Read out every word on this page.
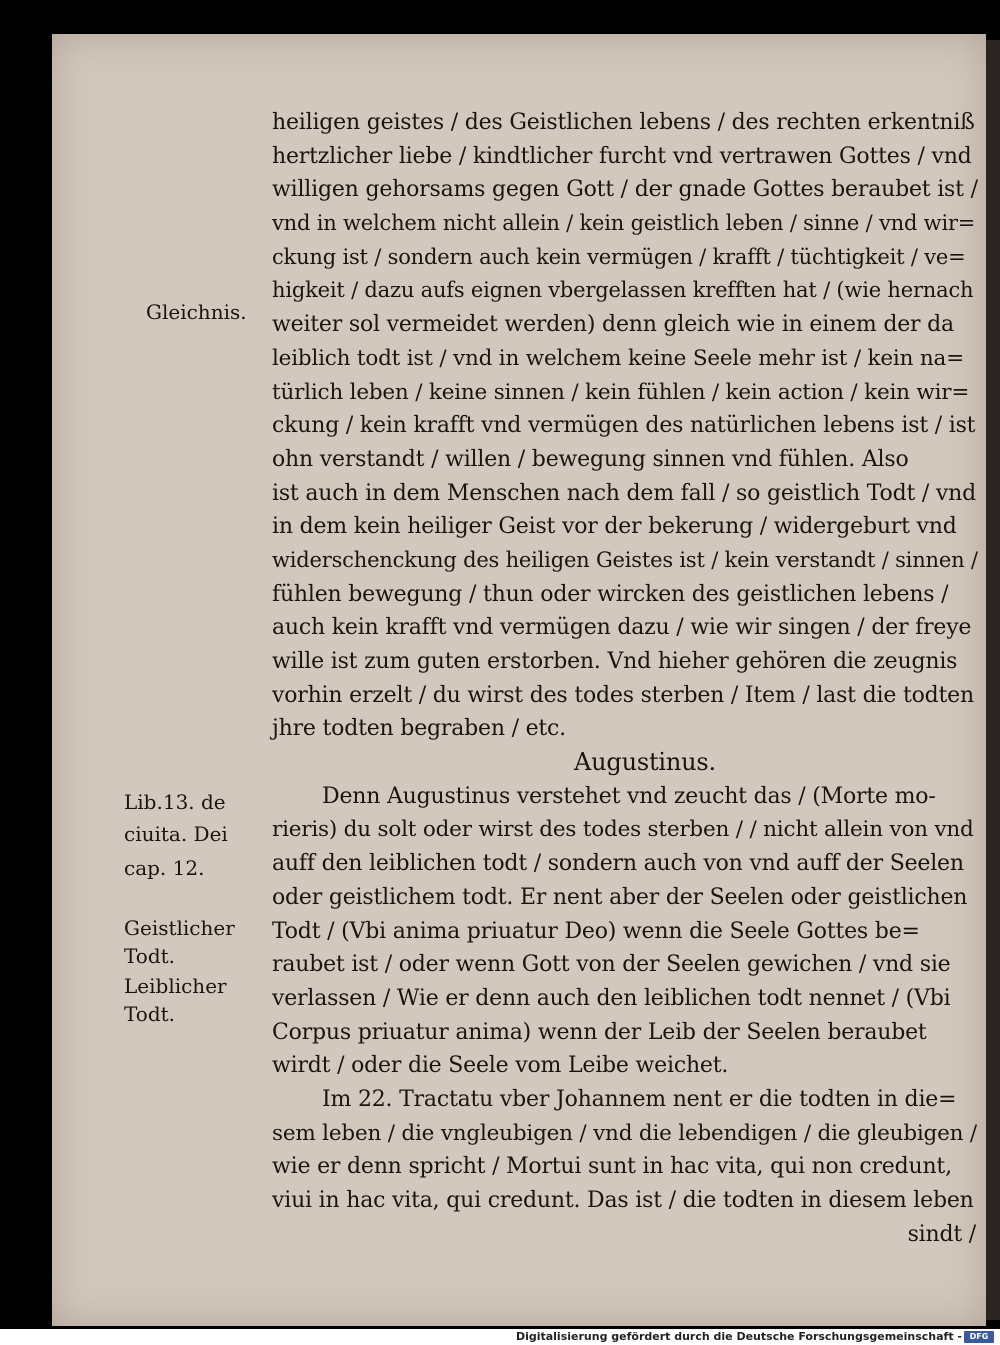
Gleichnis.
Lib.13. de
ciuita. Dei
cap. 12.
Geistlicher
Todt.
Leiblicher
Todt.
heiligen geistes / des Geistlichen lebens / des rechten erkentniß
hertzlicher liebe / kindtlicher furcht vnd vertrawen Gottes / vnd
willigen gehorsams gegen Gott / der gnade Gottes beraubet ist /
vnd in welchem nicht allein / kein geistlich leben / sinne / vnd wir=
ckung ist / sondern auch kein vermügen / krafft / tüchtigkeit / ve=
higkeit / dazu aufs eignen vbergelassen krefften hat / (wie hernach
weiter sol vermeidet werden) denn gleich wie in einem der da
leiblich todt ist / vnd in welchem keine Seele mehr ist / kein na=
türlich leben / keine sinnen / kein fühlen / kein action / kein wir=
ckung / kein krafft vnd vermügen des natürlichen lebens ist / ist
ohn verstandt / willen / bewegung sinnen vnd fühlen. Also
ist auch in dem Menschen nach dem fall / so geistlich Todt / vnd
in dem kein heiliger Geist vor der bekerung / widergeburt vnd
widerschenckung des heiligen Geistes ist / kein verstandt / sinnen /
fühlen bewegung / thun oder wircken des geistlichen lebens /
auch kein krafft vnd vermügen dazu / wie wir singen / der freye
wille ist zum guten erstorben. Vnd hieher gehören die zeugnis
vorhin erzelt / du wirst des todes sterben / Item / last die todten
jhre todten begraben / etc.
Augustinus.
Denn Augustinus verstehet vnd zeucht das / (Morte mo-
rieris) du solt oder wirst des todes sterben / / nicht allein von vnd
auff den leiblichen todt / sondern auch von vnd auff der Seelen
oder geistlichem todt. Er nent aber der Seelen oder geistlichen
Todt / (Vbi anima priuatur Deo) wenn die Seele Gottes be=
raubet ist / oder wenn Gott von der Seelen gewichen / vnd sie
verlassen / Wie er denn auch den leiblichen todt nennet / (Vbi
Corpus priuatur anima) wenn der Leib der Seelen beraubet
wirdt / oder die Seele vom Leibe weichet.
Im 22. Tractatu vber Johannem nent er die todten in die=
sem leben / die vngleubigen / vnd die lebendigen / die gleubigen /
wie er denn spricht / Mortui sunt in hac vita, qui non credunt,
viui in hac vita, qui credunt. Das ist / die todten in diesem leben
sindt /
Digitalisierung gefördert durch die Deutsche Forschungsgemeinschaft - DFG
